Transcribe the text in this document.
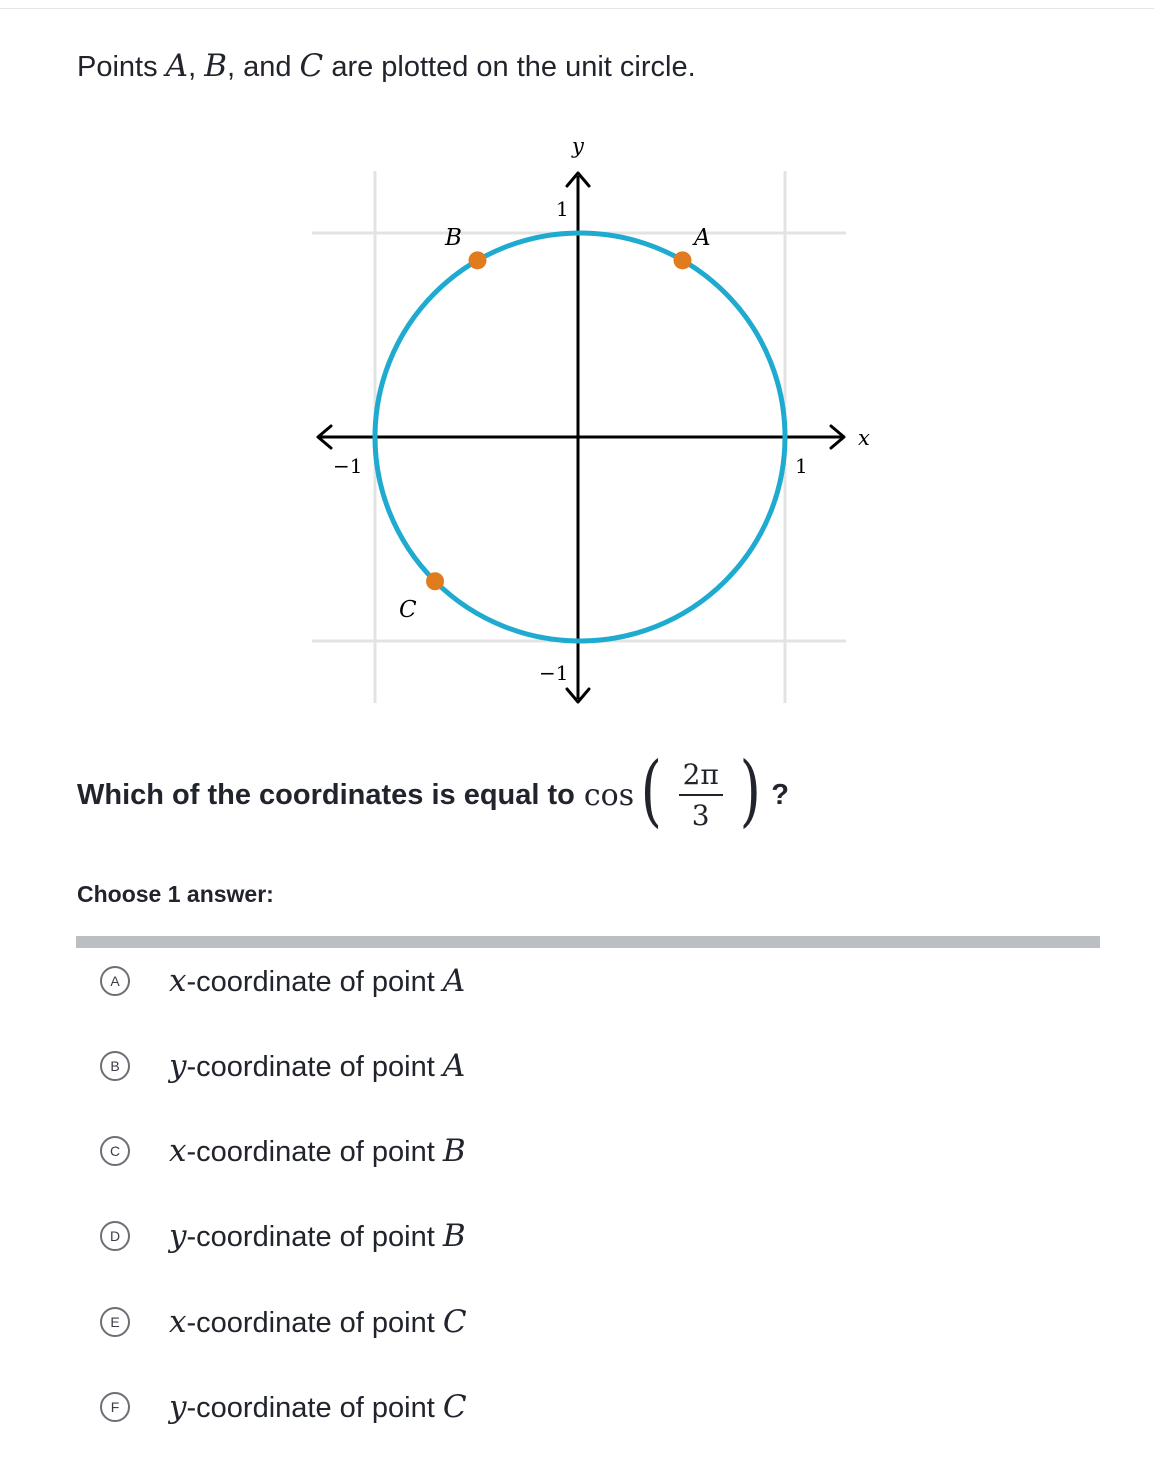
Points A, B, and C are plotted on the unit circle.
x
y
−1	1
1
−1
A
B
C
Which of the coordinates is equal to cos ( $\frac{2\pi}{3}$ ) ?
Choose 1 answer:
A	x-coordinate of point A
B	y-coordinate of point A
C	x-coordinate of point B
D	y-coordinate of point B
E	x-coordinate of point C
F	y-coordinate of point C
